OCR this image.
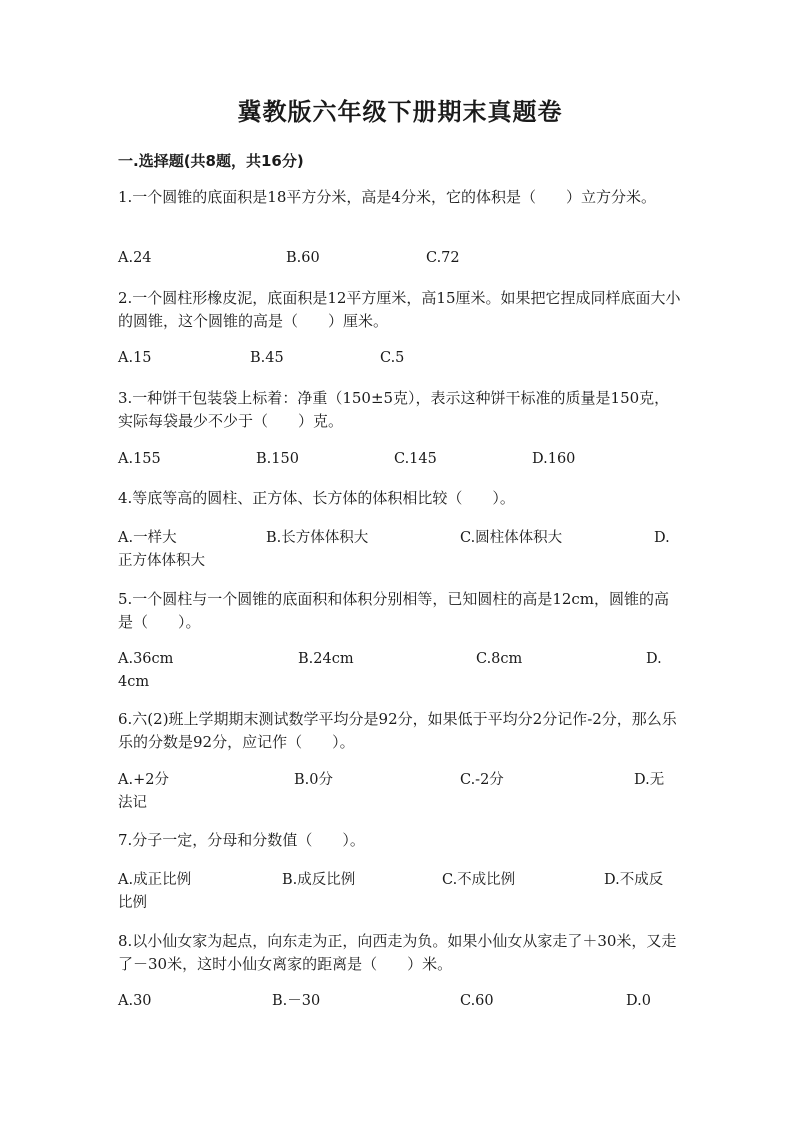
冀教版六年级下册期末真题卷
一.选择题(共8题，共16分)
1.一个圆锥的底面积是18平方分米，高是4分米，它的体积是（　　）立方分米。
A.24	B.60	C.72
2.一个圆柱形橡皮泥，底面积是12平方厘米，高15厘米。如果把它捏成同样底面大小的圆锥，这个圆锥的高是（　　）厘米。
A.15	B.45	C.5
3.一种饼干包装袋上标着：净重（150±5克），表示这种饼干标准的质量是150克，实际每袋最少不少于（　　）克。
A.155	B.150	C.145	D.160
4.等底等高的圆柱、正方体、长方体的体积相比较（　　）。
A.一样大	B.长方体体积大	C.圆柱体体积大	D.正方体体积大
5.一个圆柱与一个圆锥的底面积和体积分别相等，已知圆柱的高是12cm，圆锥的高是（　　）。
A.36cm	B.24cm	C.8cm	D.4cm
6.六(2)班上学期期末测试数学平均分是92分，如果低于平均分2分记作-2分，那么乐乐的分数是92分，应记作（　　）。
A.+2分	B.0分	C.-2分	D.无法记
7.分子一定，分母和分数值（　　）。
A.成正比例	B.成反比例	C.不成比例	D.不成反比例
8.以小仙女家为起点，向东走为正，向西走为负。如果小仙女从家走了＋30米，又走了－30米，这时小仙女离家的距离是（　　）米。
A.30	B.－30	C.60	D.0
